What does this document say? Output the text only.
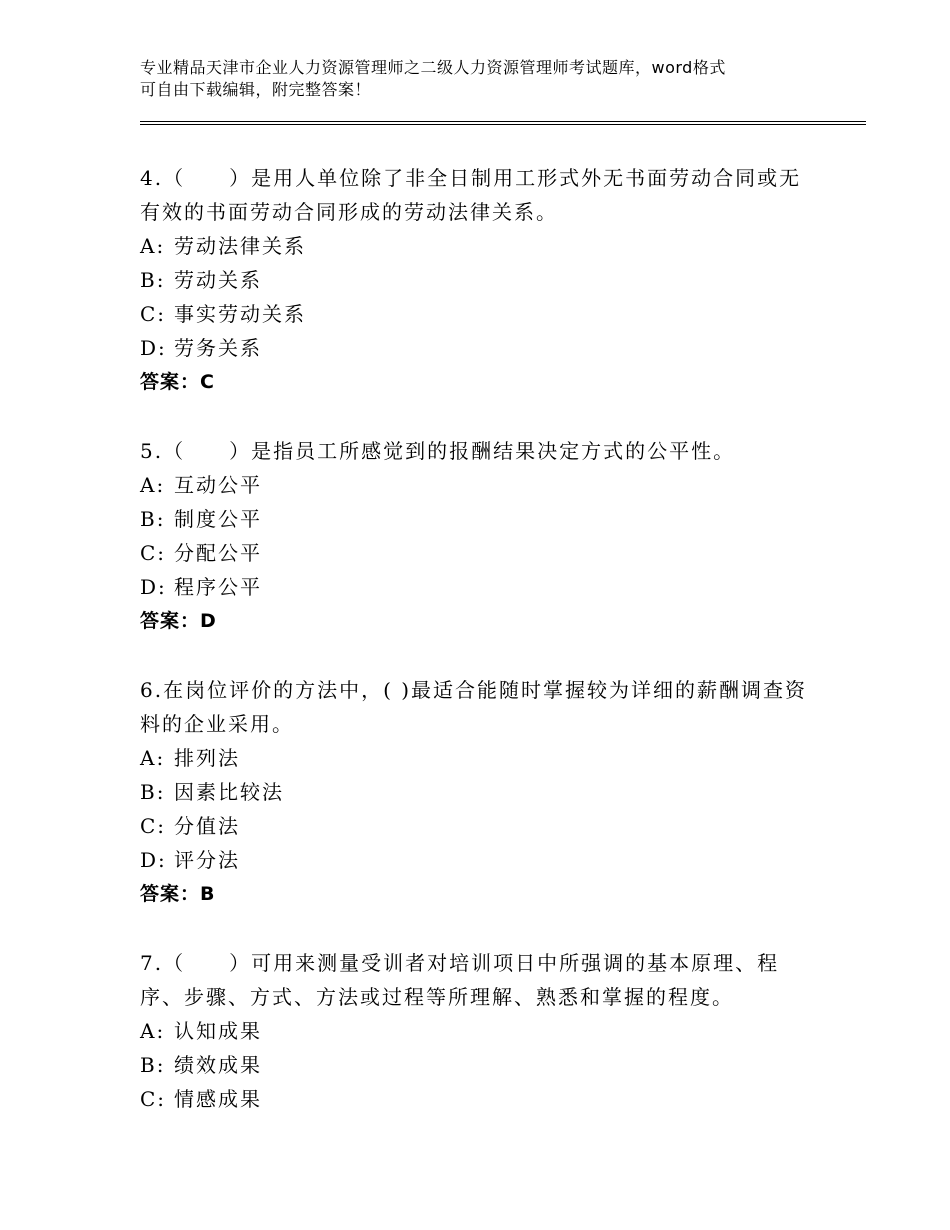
专业精品天津市企业人力资源管理师之二级人力资源管理师考试题库，word格式
可自由下载编辑，附完整答案！
4.（　　）是用人单位除了非全日制用工形式外无书面劳动合同或无
有效的书面劳动合同形成的劳动法律关系。
A: 劳动法律关系
B: 劳动关系
C: 事实劳动关系
D: 劳务关系
答案：C
5.（　　）是指员工所感觉到的报酬结果决定方式的公平性。
A: 互动公平
B: 制度公平
C: 分配公平
D: 程序公平
答案：D
6.在岗位评价的方法中，( )最适合能随时掌握较为详细的薪酬调查资
料的企业采用。
A: 排列法
B: 因素比较法
C: 分值法
D: 评分法
答案：B
7.（　　）可用来测量受训者对培训项日中所强调的基本原理、程
序、步骤、方式、方法或过程等所理解、熟悉和掌握的程度。
A: 认知成果
B: 绩效成果
C: 情感成果
